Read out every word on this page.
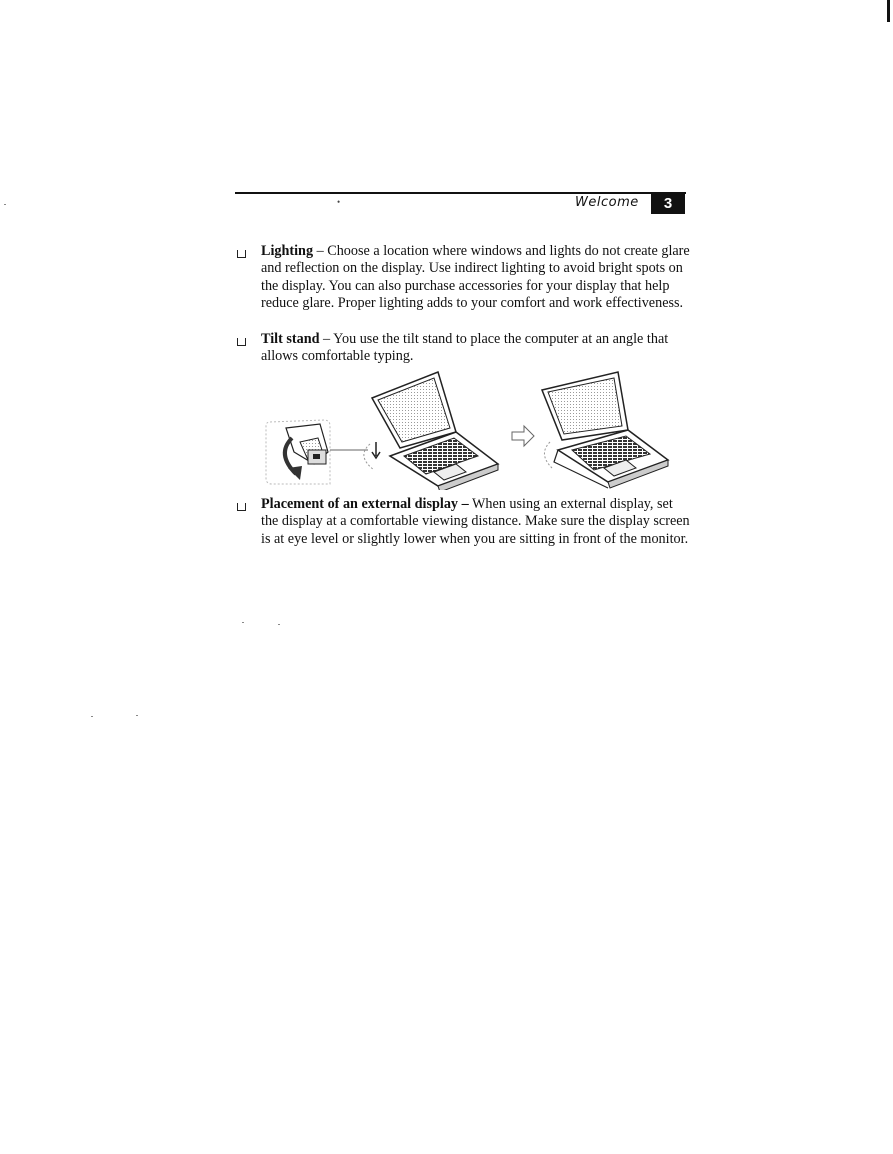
•	Welcome	3

Lighting – Choose a location where windows and lights do not create glare and reflection on the display. Use indirect lighting to avoid bright spots on the display. You can also purchase accessories for your display that help reduce glare. Proper lighting adds to your comfort and work effectiveness.

Tilt stand – You use the tilt stand to place the computer at an angle that allows comfortable typing.

Placement of an external display – When using an external display, set the display at a comfortable viewing distance. Make sure the display screen is at eye level or slightly lower when you are sitting in front of the monitor.
